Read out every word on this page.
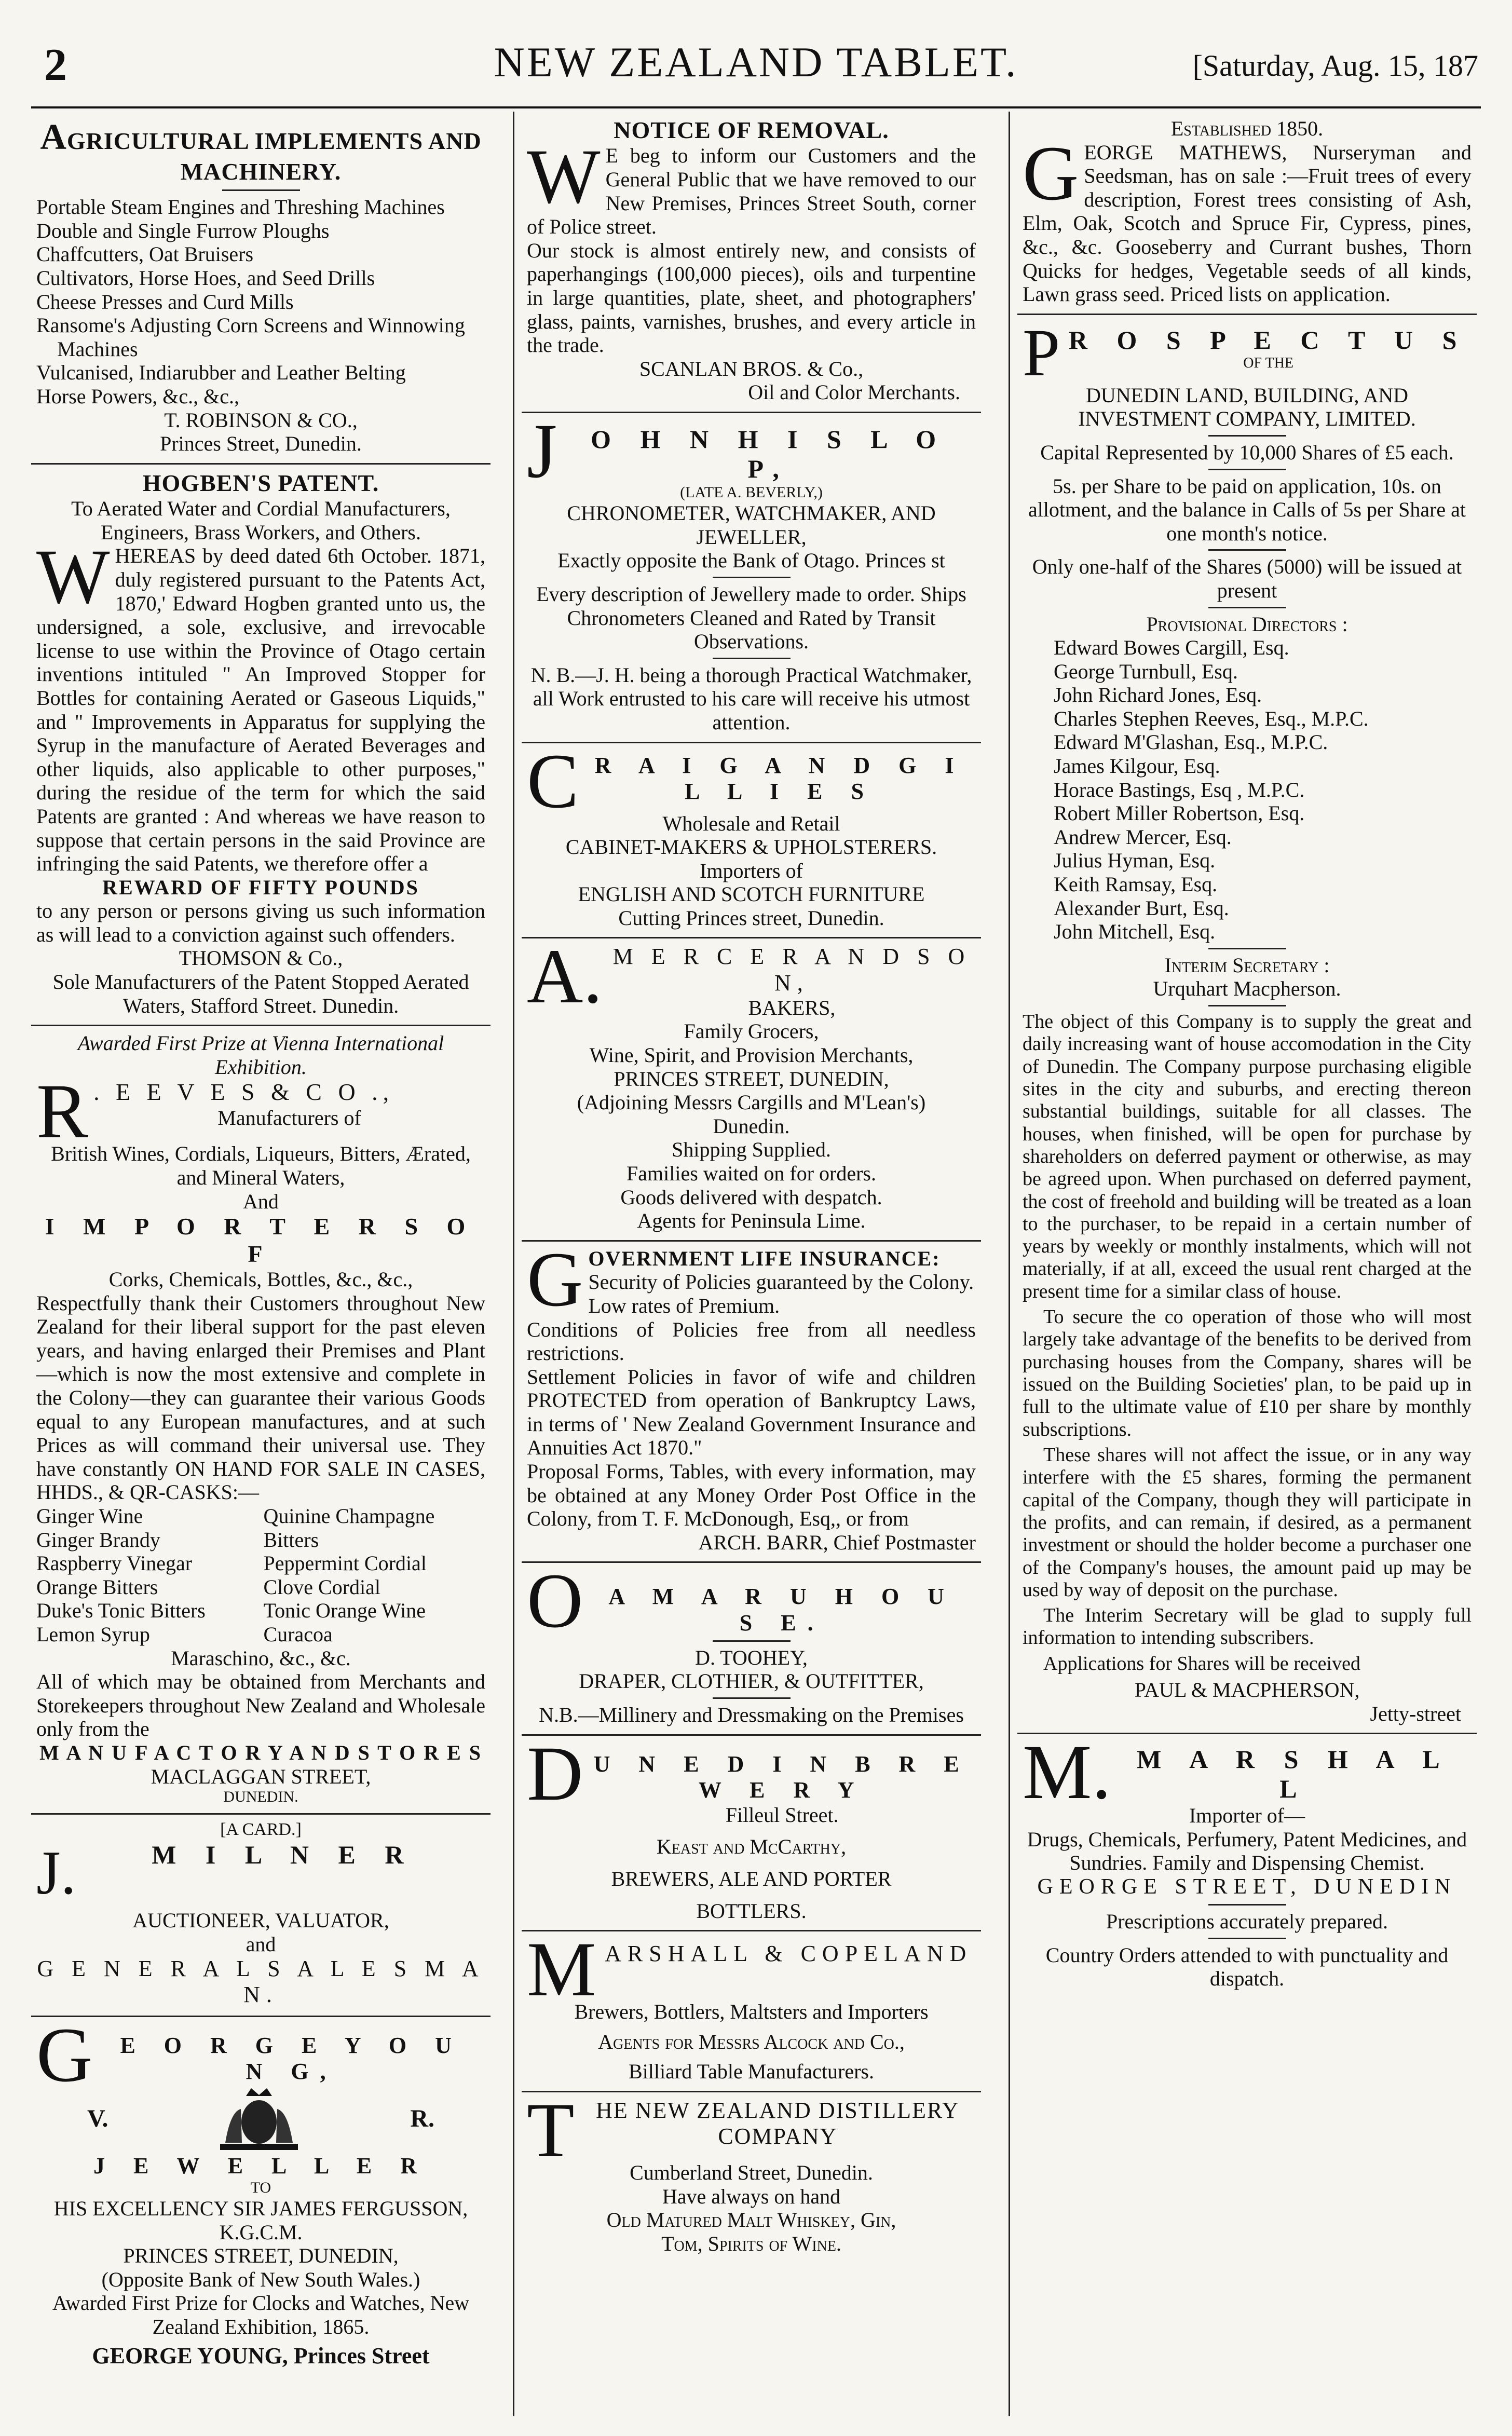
2	NEW ZEALAND TABLET.	[Saturday, Aug. 15, 187
AGRICULTURAL IMPLEMENTS AND MACHINERY.
Portable Steam Engines and Threshing Machines
Double and Single Furrow Ploughs
Chaffcutters, Oat Bruisers
Cultivators, Horse Hoes, and Seed Drills
Cheese Presses and Curd Mills
Ransome's Adjusting Corn Screens and Winnowing Machines
Vulcanised, Indiarubber and Leather Belting
Horse Powers, &c., &c.,
T. ROBINSON & CO.,
Princes Street, Dunedin.
HOGBEN'S PATENT.
To Aerated Water and Cordial Manufacturers, Engineers, Brass Workers, and Others.
WHEREAS by deed dated 6th October. 1871, duly registered pursuant to the Patents Act, 1870,' Edward Hogben granted unto us, the undersigned, a sole, exclusive, and irrevocable license to use within the Province of Otago certain inventions intituled " An Improved Stopper for Bottles for containing Aerated or Gaseous Liquids," and " Improvements in Apparatus for supplying the Syrup in the manufacture of Aerated Beverages and other liquids, also applicable to other purposes," during the residue of the term for which the said Patents are granted : And whereas we have reason to suppose that certain persons in the said Province are infringing the said Patents, we therefore offer a
REWARD OF FIFTY POUNDS
to any person or persons giving us such information as will lead to a conviction against such offenders.
THOMSON & Co.,
Sole Manufacturers of the Patent Stopped Aerated Waters, Stafford Street. Dunedin.
Awarded First Prize at Vienna International Exhibition.
R . E E V E S & C O .,
Manufacturers of
British Wines, Cordials, Liqueurs, Bitters, Ærated, and Mineral Waters,
And
I M P O R T E R S O F
Corks, Chemicals, Bottles, &c., &c.,
Respectfully thank their Customers throughout New Zealand for their liberal support for the past eleven years, and having enlarged their Premises and Plant—which is now the most extensive and complete in the Colony—they can guarantee their various Goods equal to any European manufactures, and at such Prices as will command their universal use. They have constantly ON HAND FOR SALE IN CASES, HHDS., & QR-CASKS:—
Ginger Wine	Quinine Champagne
Ginger Brandy	Bitters
Raspberry Vinegar	Peppermint Cordial
Orange Bitters	Clove Cordial
Duke's Tonic Bitters	Tonic Orange Wine
Lemon Syrup	Curacoa
Maraschino, &c., &c.
All of which may be obtained from Merchants and Storekeepers throughout New Zealand and Wholesale only from the
M A N U F A C T O R Y A N D S T O R E S
MACLAGGAN STREET,
DUNEDIN.
[A CARD.]
J.	M I L N E R
AUCTIONEER, VALUATOR,
and
G E N E R A L S A L E S M A N.
G	E O R G E Y O U N G,
V.	R.
J E W E L L E R
TO
HIS EXCELLENCY SIR JAMES FERGUSSON, K.G.C.M.
PRINCES STREET, DUNEDIN,
(Opposite Bank of New South Wales.)
Awarded First Prize for Clocks and Watches, New Zealand Exhibition, 1865.
GEORGE YOUNG, Princes Street
NOTICE OF REMOVAL.
W E beg to inform our Customers and the General Public that we have removed to our New Premises, Princes Street South, corner of Police street.
Our stock is almost entirely new, and consists of paperhangings (100,000 pieces), oils and turpentine in large quantities, plate, sheet, and photographers' glass, paints, varnishes, brushes, and every article in the trade.
SCANLAN BROS. & Co.,
Oil and Color Merchants.
J	O H N H I S L O P,
(LATE A. BEVERLY,)
CHRONOMETER, WATCHMAKER, AND JEWELLER,
Exactly opposite the Bank of Otago. Princes st
Every description of Jewellery made to order. Ships Chronometers Cleaned and Rated by Transit Observations.
N. B.—J. H. being a thorough Practical Watchmaker, all Work entrusted to his care will receive his utmost attention.
C R A I G A N D G I L L I E S
Wholesale and Retail
CABINET-MAKERS & UPHOLSTERERS.
Importers of
ENGLISH AND SCOTCH FURNITURE
Cutting Princes street, Dunedin.
A. M E R C E R A N D S O N,
BAKERS,
Family Grocers,
Wine, Spirit, and Provision Merchants,
PRINCES STREET, DUNEDIN,
(Adjoining Messrs Cargills and M'Lean's)
Dunedin.
Shipping Supplied.
Families waited on for orders.
Goods delivered with despatch.
Agents for Peninsula Lime.
GOVERNMENT LIFE INSURANCE:
Security of Policies guaranteed by the Colony.
Low rates of Premium.
Conditions of Policies free from all needless restrictions.
Settlement Policies in favor of wife and children PROTECTED from operation of Bankruptcy Laws, in terms of ' New Zealand Government Insurance and Annuities Act 1870."
Proposal Forms, Tables, with every information, may be obtained at any Money Order Post Office in the Colony, from T. F. McDonough, Esq,, or from
ARCH. BARR, Chief Postmaster
O	A M A R U H O U S E.
D. TOOHEY,
DRAPER, CLOTHIER, & OUTFITTER,
N.B.—Millinery and Dressmaking on the Premises
D U N E D I N B R E W E R Y
Filleul Street.
Keast and McCarthy,
BREWERS, ALE AND PORTER
BOTTLERS.
M ARSHALL & COPELAND
Brewers, Bottlers, Maltsters and Importers
Agents for Messrs Alcock and Co.,
Billiard Table Manufacturers.
T HE NEW ZEALAND DISTILLERY COMPANY
Cumberland Street, Dunedin.
Have always on hand
Old Matured Malt Whiskey, Gin,
Tom, Spirits of Wine.
Established 1850.
GEORGE MATHEWS, Nurseryman and Seedsman, has on sale :—Fruit trees of every description, Forest trees consisting of Ash, Elm, Oak, Scotch and Spruce Fir, Cypress, pines, &c., &c. Gooseberry and Currant bushes, Thorn Quicks for hedges, Vegetable seeds of all kinds, Lawn grass seed. Priced lists on application.
P R O S P E C T U S
OF THE
DUNEDIN LAND, BUILDING, AND INVESTMENT COMPANY, LIMITED.
Capital Represented by 10,000 Shares of £5 each.
5s. per Share to be paid on application, 10s. on allotment, and the balance in Calls of 5s per Share at one month's notice.
Only one-half of the Shares (5000) will be issued at present
Provisional Directors :
Edward Bowes Cargill, Esq.
George Turnbull, Esq.
John Richard Jones, Esq.
Charles Stephen Reeves, Esq., M.P.C.
Edward M'Glashan, Esq., M.P.C.
James Kilgour, Esq.
Horace Bastings, Esq , M.P.C.
Robert Miller Robertson, Esq.
Andrew Mercer, Esq.
Julius Hyman, Esq.
Keith Ramsay, Esq.
Alexander Burt, Esq.
John Mitchell, Esq.
Interim Secretary :
Urquhart Macpherson.

The object of this Company is to supply the great and daily increasing want of house accomodation in the City of Dunedin. The Company purpose purchasing eligible sites in the city and suburbs, and erecting thereon substantial buildings, suitable for all classes. The houses, when finished, will be open for purchase by shareholders on deferred payment or otherwise, as may be agreed upon. When purchased on deferred payment, the cost of freehold and building will be treated as a loan to the purchaser, to be repaid in a certain number of years by weekly or monthly instalments, which will not materially, if at all, exceed the usual rent charged at the present time for a similar class of house.

To secure the co operation of those who will most largely take advantage of the benefits to be derived from purchasing houses from the Company, shares will be issued on the Building Societies' plan, to be paid up in full to the ultimate value of £10 per share by monthly subscriptions.

These shares will not affect the issue, or in any way interfere with the £5 shares, forming the permanent capital of the Company, though they will participate in the profits, and can remain, if desired, as a permanent investment or should the holder become a purchaser one of the Company's houses, the amount paid up may be used by way of deposit on the purchase.

The Interim Secretary will be glad to supply full information to intending subscribers.

Applications for Shares will be received

PAUL & MACPHERSON,
Jetty-street
M. M A R S H A L L
Importer of—
Drugs, Chemicals, Perfumery, Patent Medicines, and Sundries. Family and Dispensing Chemist.
GEORGE STREET, DUNEDIN
Prescriptions accurately prepared.
Country Orders attended to with punctuality and dispatch.
